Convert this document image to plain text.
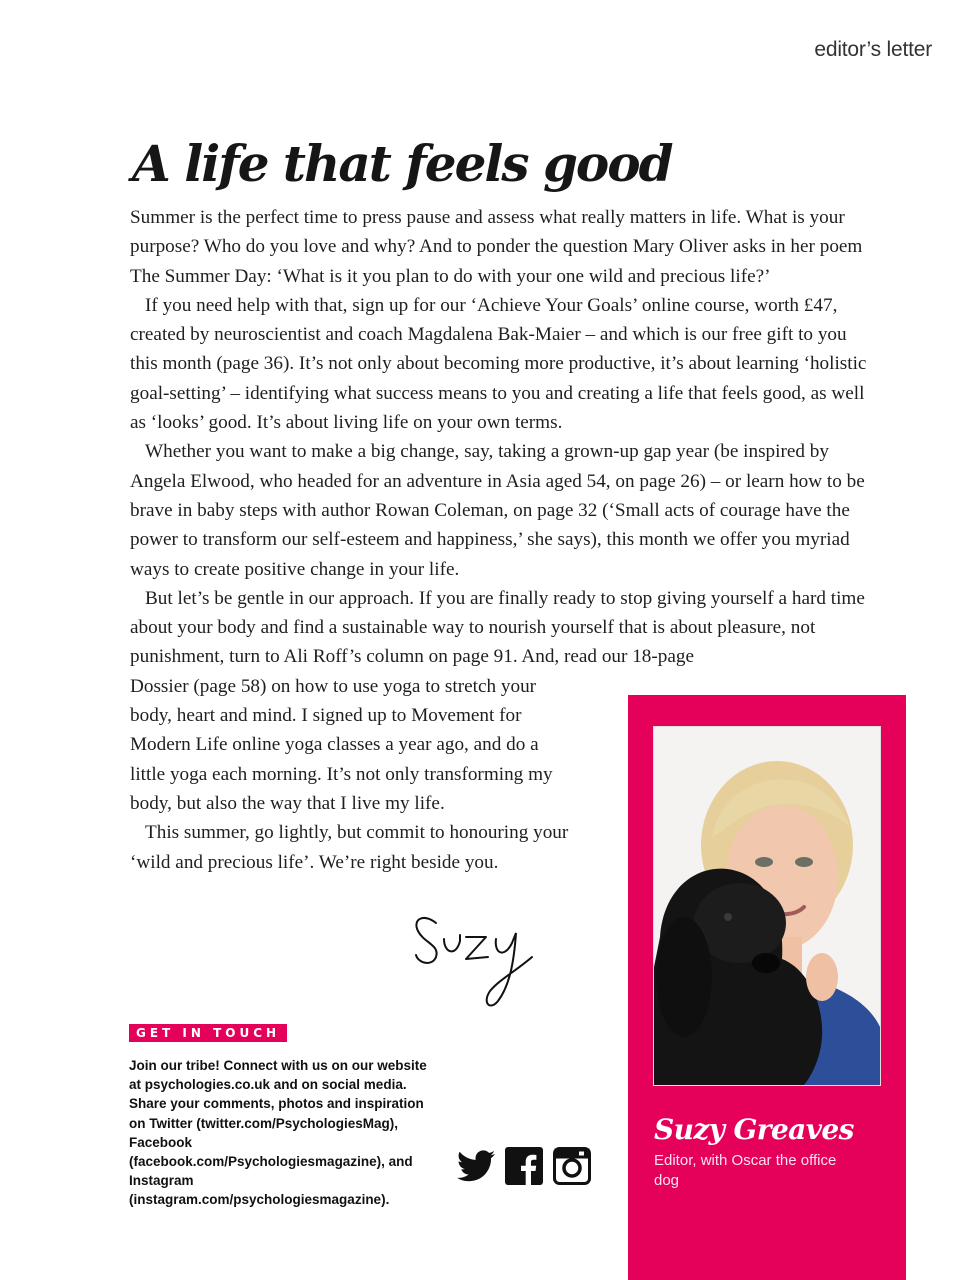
editor’s letter
A life that feels good

Summer is the perfect time to press pause and assess what really matters in life. What is your purpose? Who do you love and why? And to ponder the question Mary Oliver asks in her poem The Summer Day: ‘What is it you plan to do with your one wild and precious life?’

If you need help with that, sign up for our ‘Achieve Your Goals’ online course, worth £47, created by neuroscientist and coach Magdalena Bak-Maier – and which is our free gift to you this month (page 36). It’s not only about becoming more productive, it’s about learning ‘holistic goal-setting’ – identifying what success means to you and creating a life that feels good, as well as ‘looks’ good. It’s about living life on your own terms.

Whether you want to make a big change, say, taking a grown-up gap year (be inspired by Angela Elwood, who headed for an adventure in Asia aged 54, on page 26) – or learn how to be brave in baby steps with author Rowan Coleman, on page 32 (‘Small acts of courage have the power to transform our self-esteem and happiness,’ she says), this month we offer you myriad ways to create positive change in your life.

But let’s be gentle in our approach. If you are finally ready to stop giving yourself a hard time about your body and find a sustainable way to nourish yourself that is about pleasure, not punishment, turn to Ali Roff’s column on page 91. And, read our 18-page

Dossier (page 58) on how to use yoga to stretch your body, heart and mind. I signed up to Movement for Modern Life online yoga classes a year ago, and do a little yoga each morning. It’s not only transforming my body, but also the way that I live my life.

This summer, go lightly, but commit to honouring your ‘wild and precious life’. We’re right beside you.

GET IN TOUCH

Join our tribe! Connect with us on our website at psychologies.co.uk and on social media. Share your comments, photos and inspiration on Twitter (twitter.com/PsychologiesMag), Facebook (facebook.com/Psychologiesmagazine), and Instagram (instagram.com/psychologiesmagazine).

Suzy Greaves

Editor, with Oscar the office dog
